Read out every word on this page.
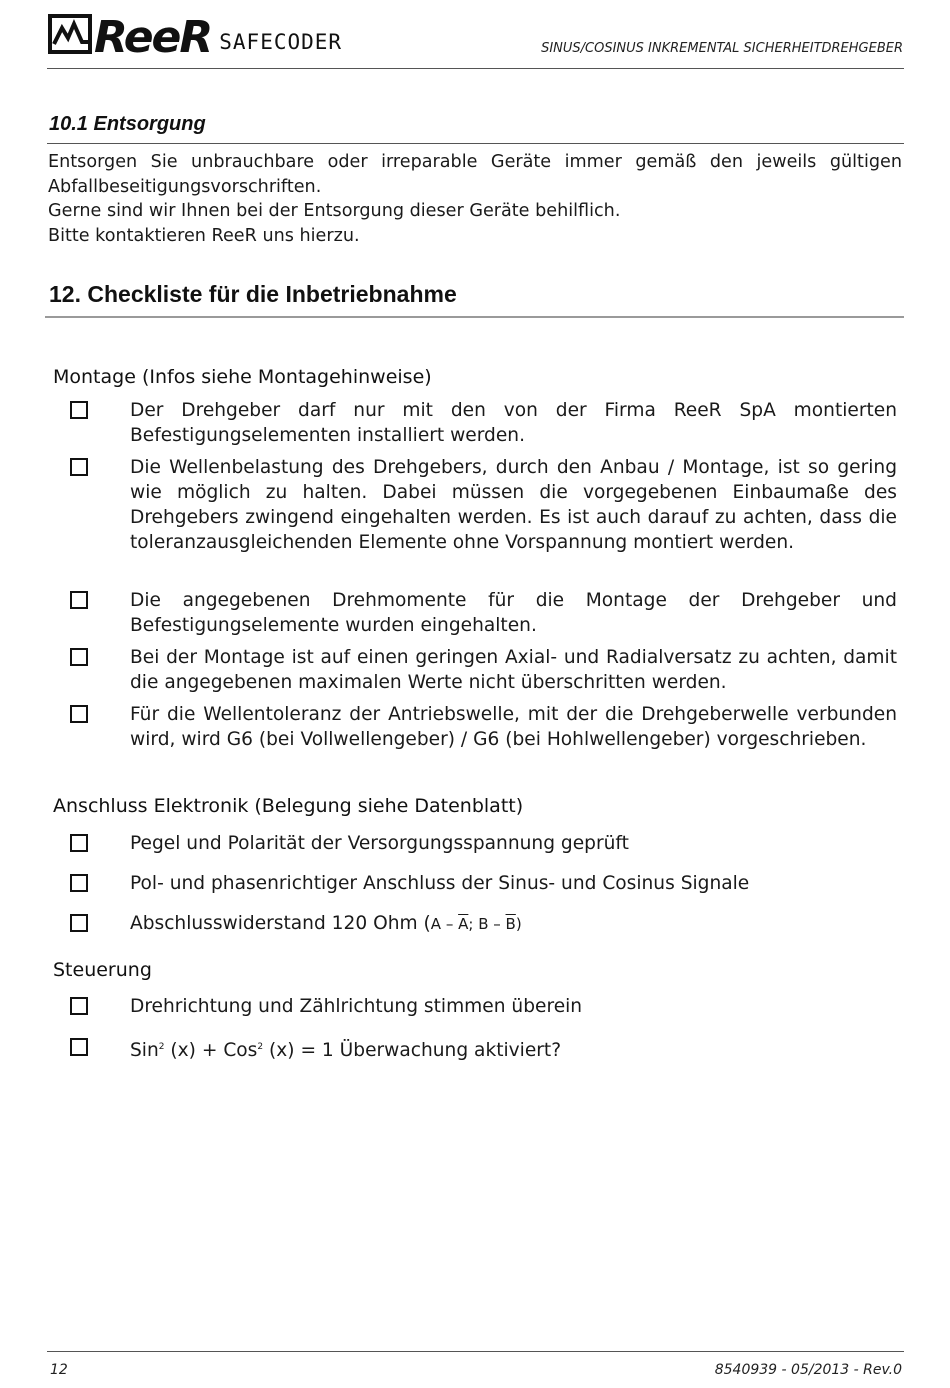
ReeR SAFECODER	SINUS/COSINUS INKREMENTAL SICHERHEITDREHGEBER
10.1 Entsorgung

Entsorgen Sie unbrauchbare oder irreparable Geräte immer gemäß den jeweils gültigen Abfallbeseitigungsvorschriften.

Gerne sind wir Ihnen bei der Entsorgung dieser Geräte behilflich.

Bitte kontaktieren ReeR uns hierzu.

12. Checkliste für die Inbetriebnahme
Montage (Infos siehe Montagehinweise)
Der Drehgeber darf nur mit den von der Firma ReeR SpA montierten Befestigungselementen installiert werden.
Die Wellenbelastung des Drehgebers, durch den Anbau / Montage, ist so gering wie möglich zu halten. Dabei müssen die vorgegebenen Einbaumaße des Drehgebers zwingend eingehalten werden. Es ist auch darauf zu achten, dass die toleranzausgleichenden Elemente ohne Vorspannung montiert werden.
Die angegebenen Drehmomente für die Montage der Drehgeber und Befestigungselemente wurden eingehalten.
Bei der Montage ist auf einen geringen Axial- und Radialversatz zu achten, damit die angegebenen maximalen Werte nicht überschritten werden.
Für die Wellentoleranz der Antriebswelle, mit der die Drehgeberwelle verbunden wird, wird G6 (bei Vollwellengeber) / G6 (bei Hohlwellengeber) vorgeschrieben.
Anschluss Elektronik (Belegung siehe Datenblatt)
Pegel und Polarität der Versorgungsspannung geprüft
Pol- und phasenrichtiger Anschluss der Sinus- und Cosinus Signale
Abschlusswiderstand 120 Ohm ($A - \overline{A}$; B – $\overline{B}$)
Steuerung
Drehrichtung und Zählrichtung stimmen überein
Sin$^2$ (x) + Cos$^2$ (x) = 1 Überwachung aktiviert?
12	8540939 - 05/2013 - Rev.0
